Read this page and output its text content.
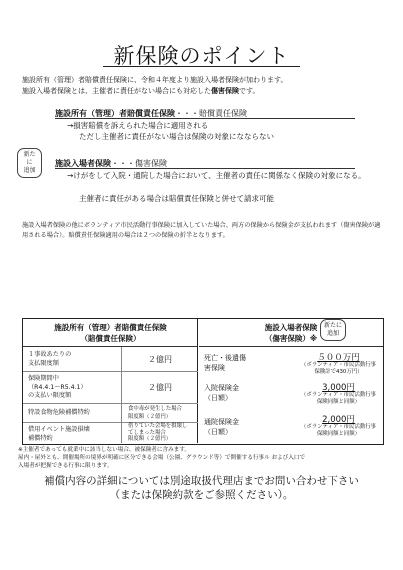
新保険のポイント
施設所有（管理）者賠償責任保険に、令和４年度より施設入場者保険が加わります。
施設入場者保険とは、主催者に責任がない場合にも対応した傷害保険です。
施設所有（管理）者賠償責任保険・・・賠償責任保険
→損害賠償を訴えられた場合に適用される
ただし主催者に責任がない場合は保険の対象になならない
新たに
追加
施設入場者保険・・・傷害保険
→けがをして入院・通院した場合において、主催者の責任に関係なく保険の対象になる。
主催者に責任がある場合は賠償責任保険と併せて請求可能
施設入場者保険の他にボランティア市民活動行事保険に加入していた場合、両方の保険から保険金が支払われます（傷害保険が適用される場合）。賠償責任保険適用の場合は２つの保険の折半となります。
施設所有（管理）者賠償責任保険
（賠償責任保険）
１事故あたりの
支払限度額	２億円
保険期間中
（R4.4.1～R5.4.1）
の支払い限度額
２億円
特設食物危険補償特約	食中毒が発生した場合
限度額（２億円）
借用イベント施設損壊
補償特約
借りていた会場を損壊し
てしまった場合
限度額（２億円）
施設入場者保険
（傷害保険）※
死亡・後遺傷
害保険
５００万円
（ボランティア・市民活動行事
保険計で430万円）
入院保険金
（日額）
3,000円
（ボランティア・市民活動行事
保険同額と同額）
通院保険金
（日額）
2,000円
（ボランティア・市民活動行事
保険同額と同額）
新たに
追加
※主催者であっても就業中に該当しない場合、被保険者に含みます。
屋内・屋外とも、開催場所の境界が明確に区分できる会場（公園、グラウンド等）で開催する行事ル および入口で
入場者が把握できる行事に限ります。
補償内容の詳細については別途取扱代理店までお問い合わせ下さい
（または保険約款をご参照ください）。
